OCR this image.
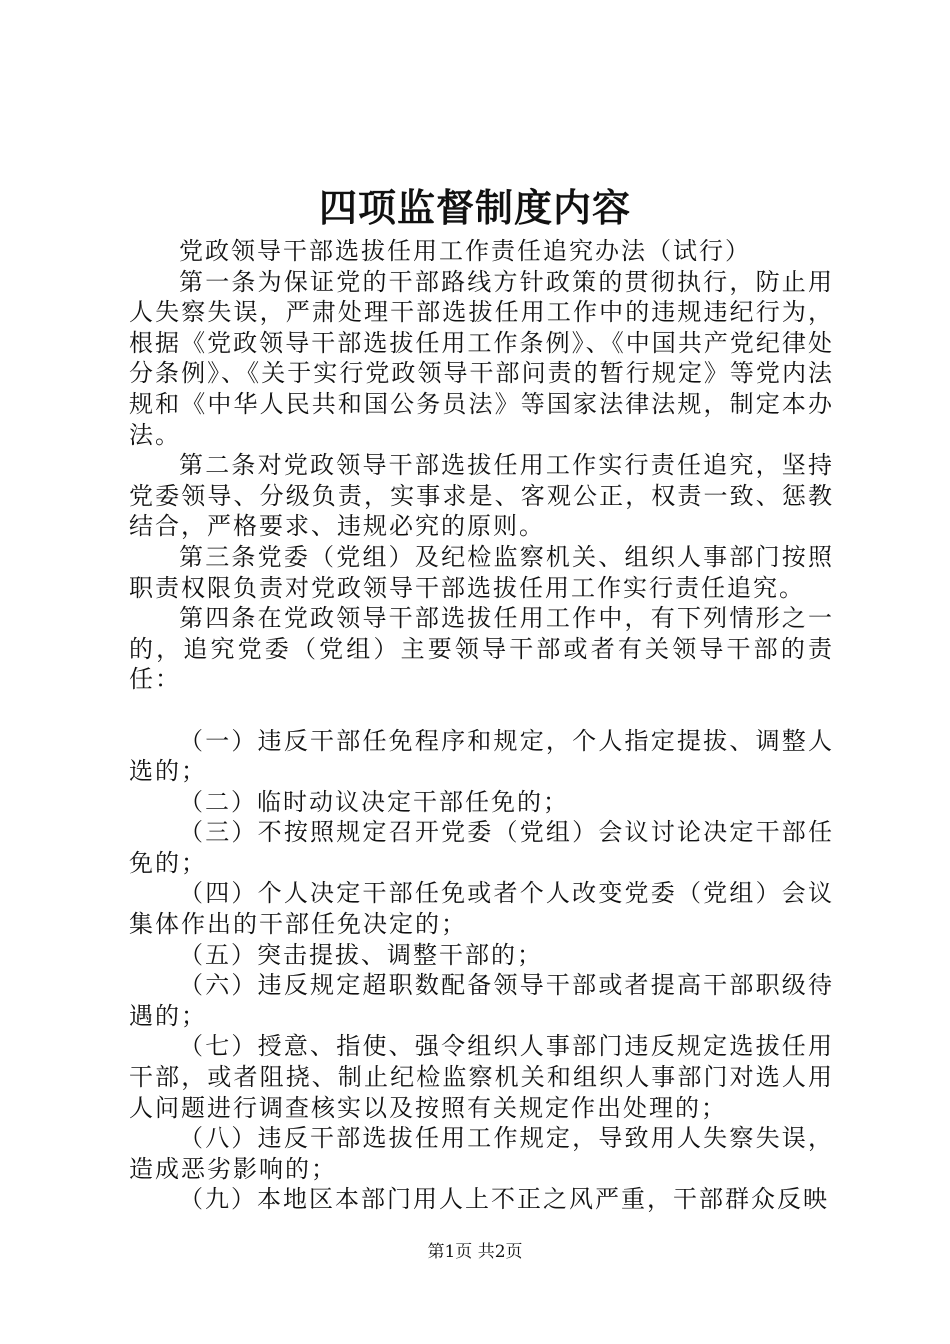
四项监督制度内容

党政领导干部选拔任用工作责任追究办法（试行）

第一条为保证党的干部路线方针政策的贯彻执行，防止用人失察失误，严肃处理干部选拔任用工作中的违规违纪行为，根据《党政领导干部选拔任用工作条例》、《中国共产党纪律处分条例》、《关于实行党政领导干部问责的暂行规定》等党内法规和《中华人民共和国公务员法》等国家法律法规，制定本办法。

第二条对党政领导干部选拔任用工作实行责任追究，坚持党委领导、分级负责，实事求是、客观公正，权责一致、惩教结合，严格要求、违规必究的原则。

第三条党委（党组）及纪检监察机关、组织人事部门按照职责权限负责对党政领导干部选拔任用工作实行责任追究。

第四条在党政领导干部选拔任用工作中，有下列情形之一的，追究党委（党组）主要领导干部或者有关领导干部的责任：

（一）违反干部任免程序和规定，个人指定提拔、调整人选的；

（二）临时动议决定干部任免的；

（三）不按照规定召开党委（党组）会议讨论决定干部任免的；

（四）个人决定干部任免或者个人改变党委（党组）会议集体作出的干部任免决定的；

（五）突击提拔、调整干部的；

（六）违反规定超职数配备领导干部或者提高干部职级待遇的；

（七）授意、指使、强令组织人事部门违反规定选拔任用干部，或者阻挠、制止纪检监察机关和组织人事部门对选人用人问题进行调查核实以及按照有关规定作出处理的；

（八）违反干部选拔任用工作规定，导致用人失察失误，造成恶劣影响的；

（九）本地区本部门用人上不正之风严重，干部群众反映

第1页 共2页
